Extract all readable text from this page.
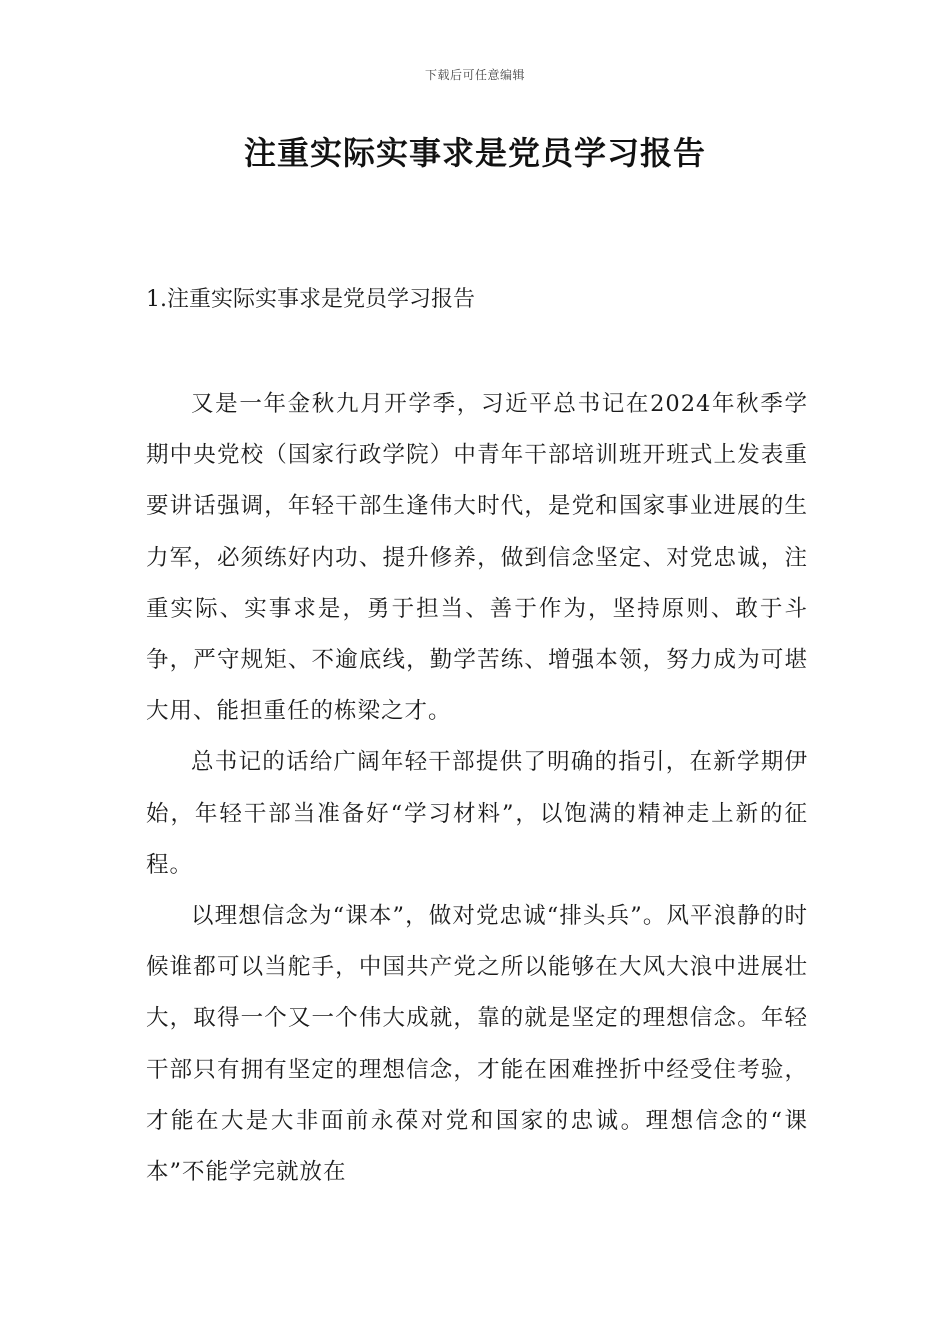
下载后可任意编辑
注重实际实事求是党员学习报告
1.注重实际实事求是党员学习报告

又是一年金秋九月开学季，习近平总书记在2024年秋季学期中央党校（国家行政学院）中青年干部培训班开班式上发表重要讲话强调，年轻干部生逢伟大时代，是党和国家事业进展的生力军，必须练好内功、提升修养，做到信念坚定、对党忠诚，注重实际、实事求是，勇于担当、善于作为，坚持原则、敢于斗争，严守规矩、不逾底线，勤学苦练、增强本领，努力成为可堪大用、能担重任的栋梁之才。

总书记的话给广阔年轻干部提供了明确的指引，在新学期伊始，年轻干部当准备好“学习材料”，以饱满的精神走上新的征程。

以理想信念为“课本”，做对党忠诚“排头兵”。风平浪静的时候谁都可以当舵手，中国共产党之所以能够在大风大浪中进展壮大，取得一个又一个伟大成就，靠的就是坚定的理想信念。年轻干部只有拥有坚定的理想信念，才能在困难挫折中经受住考验，才能在大是大非面前永葆对党和国家的忠诚。理想信念的“课本”不能学完就放在
